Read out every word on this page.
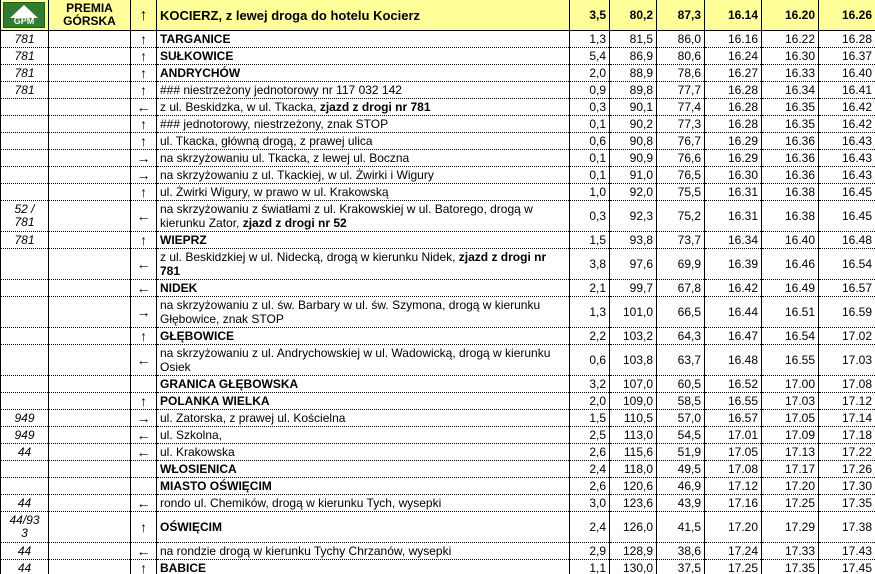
GPM	PREMIA GÓRSKA	↑	KOCIERZ, z lewej droga do hotelu Kocierz	3,5	80,2	87,3	16.14	16.20	16.26

781		↑	TARGANICE	1,3	81,5	86,0	16.16	16.22	16.28

781		↑	SUŁKOWICE	5,4	86,9	80,6	16.24	16.30	16.37

781		↑	ANDRYCHÓW	2,0	88,9	78,6	16.27	16.33	16.40

781		↑	### niestrzeżony jednotorowy nr 117 032 142	0,9	89,8	77,7	16.28	16.34	16.41

		←	z ul. Beskidzka, w ul. Tkacka, zjazd z drogi nr 781	0,3	90,1	77,4	16.28	16.35	16.42

		↑	### jednotorowy, niestrzeżony, znak STOP	0,1	90,2	77,3	16.28	16.35	16.42

		↑	ul. Tkacka, główną drogą, z prawej ulica	0,6	90,8	76,7	16.29	16.36	16.43

		→	na skrzyżowaniu ul. Tkacka, z lewej ul. Boczna	0,1	90,9	76,6	16.29	16.36	16.43

		→	na skrzyżowaniu z ul. Tkackiej, w ul. Żwirki i Wigury	0,1	91,0	76,5	16.30	16.36	16.43

		↑	ul. Żwirki Wigury, w prawo w ul. Krakowską	1,0	92,0	75,5	16.31	16.38	16.45

52 /
781		←	na skrzyżowaniu z światłami z ul. Krakowskiej w ul. Batorego, drogą w kierunku Zator, zjazd z drogi nr 52	0,3	92,3	75,2	16.31	16.38	16.45

781		↑	WIEPRZ	1,5	93,8	73,7	16.34	16.40	16.48

		←	z ul. Beskidzkiej w ul. Nidecką, drogą w kierunku Nidek, zjazd z drogi nr 781	3,8	97,6	69,9	16.39	16.46	16.54

		←	NIDEK	2,1	99,7	67,8	16.42	16.49	16.57

		→	na skrzyżowaniu z ul. św. Barbary w ul. św. Szymona, drogą w kierunku Głębowice, znak STOP	1,3	101,0	66,5	16.44	16.51	16.59

		↑	GŁĘBOWICE	2,2	103,2	64,3	16.47	16.54	17.02

		←	na skrzyżowaniu z ul. Andrychowskiej w ul. Wadowicką, drogą w kierunku Osiek	0,6	103,8	63,7	16.48	16.55	17.03

			GRANICA GŁĘBOWSKA	3,2	107,0	60,5	16.52	17.00	17.08

		↑	POLANKA WIELKA	2,0	109,0	58,5	16.55	17.03	17.12

949		→	ul. Zatorska, z prawej ul. Kościelna	1,5	110,5	57,0	16.57	17.05	17.14

949		←	ul. Szkolna,	2,5	113,0	54,5	17.01	17.09	17.18

44		←	ul. Krakowska	2,6	115,6	51,9	17.05	17.13	17.22

			WŁOSIENICA	2,4	118,0	49,5	17.08	17.17	17.26

			MIASTO OŚWIĘCIM	2,6	120,6	46,9	17.12	17.20	17.30

44		←	rondo ul. Chemików, drogą w kierunku Tych, wysepki	3,0	123,6	43,9	17.16	17.25	17.35

44/93
3		↑	OŚWIĘCIM	2,4	126,0	41,5	17.20	17.29	17.38

44		←	na rondzie drogą w kierunku Tychy Chrzanów, wysepki	2,9	128,9	38,6	17.24	17.33	17.43

44		↑	BABICE	1,1	130,0	37,5	17.25	17.35	17.45
